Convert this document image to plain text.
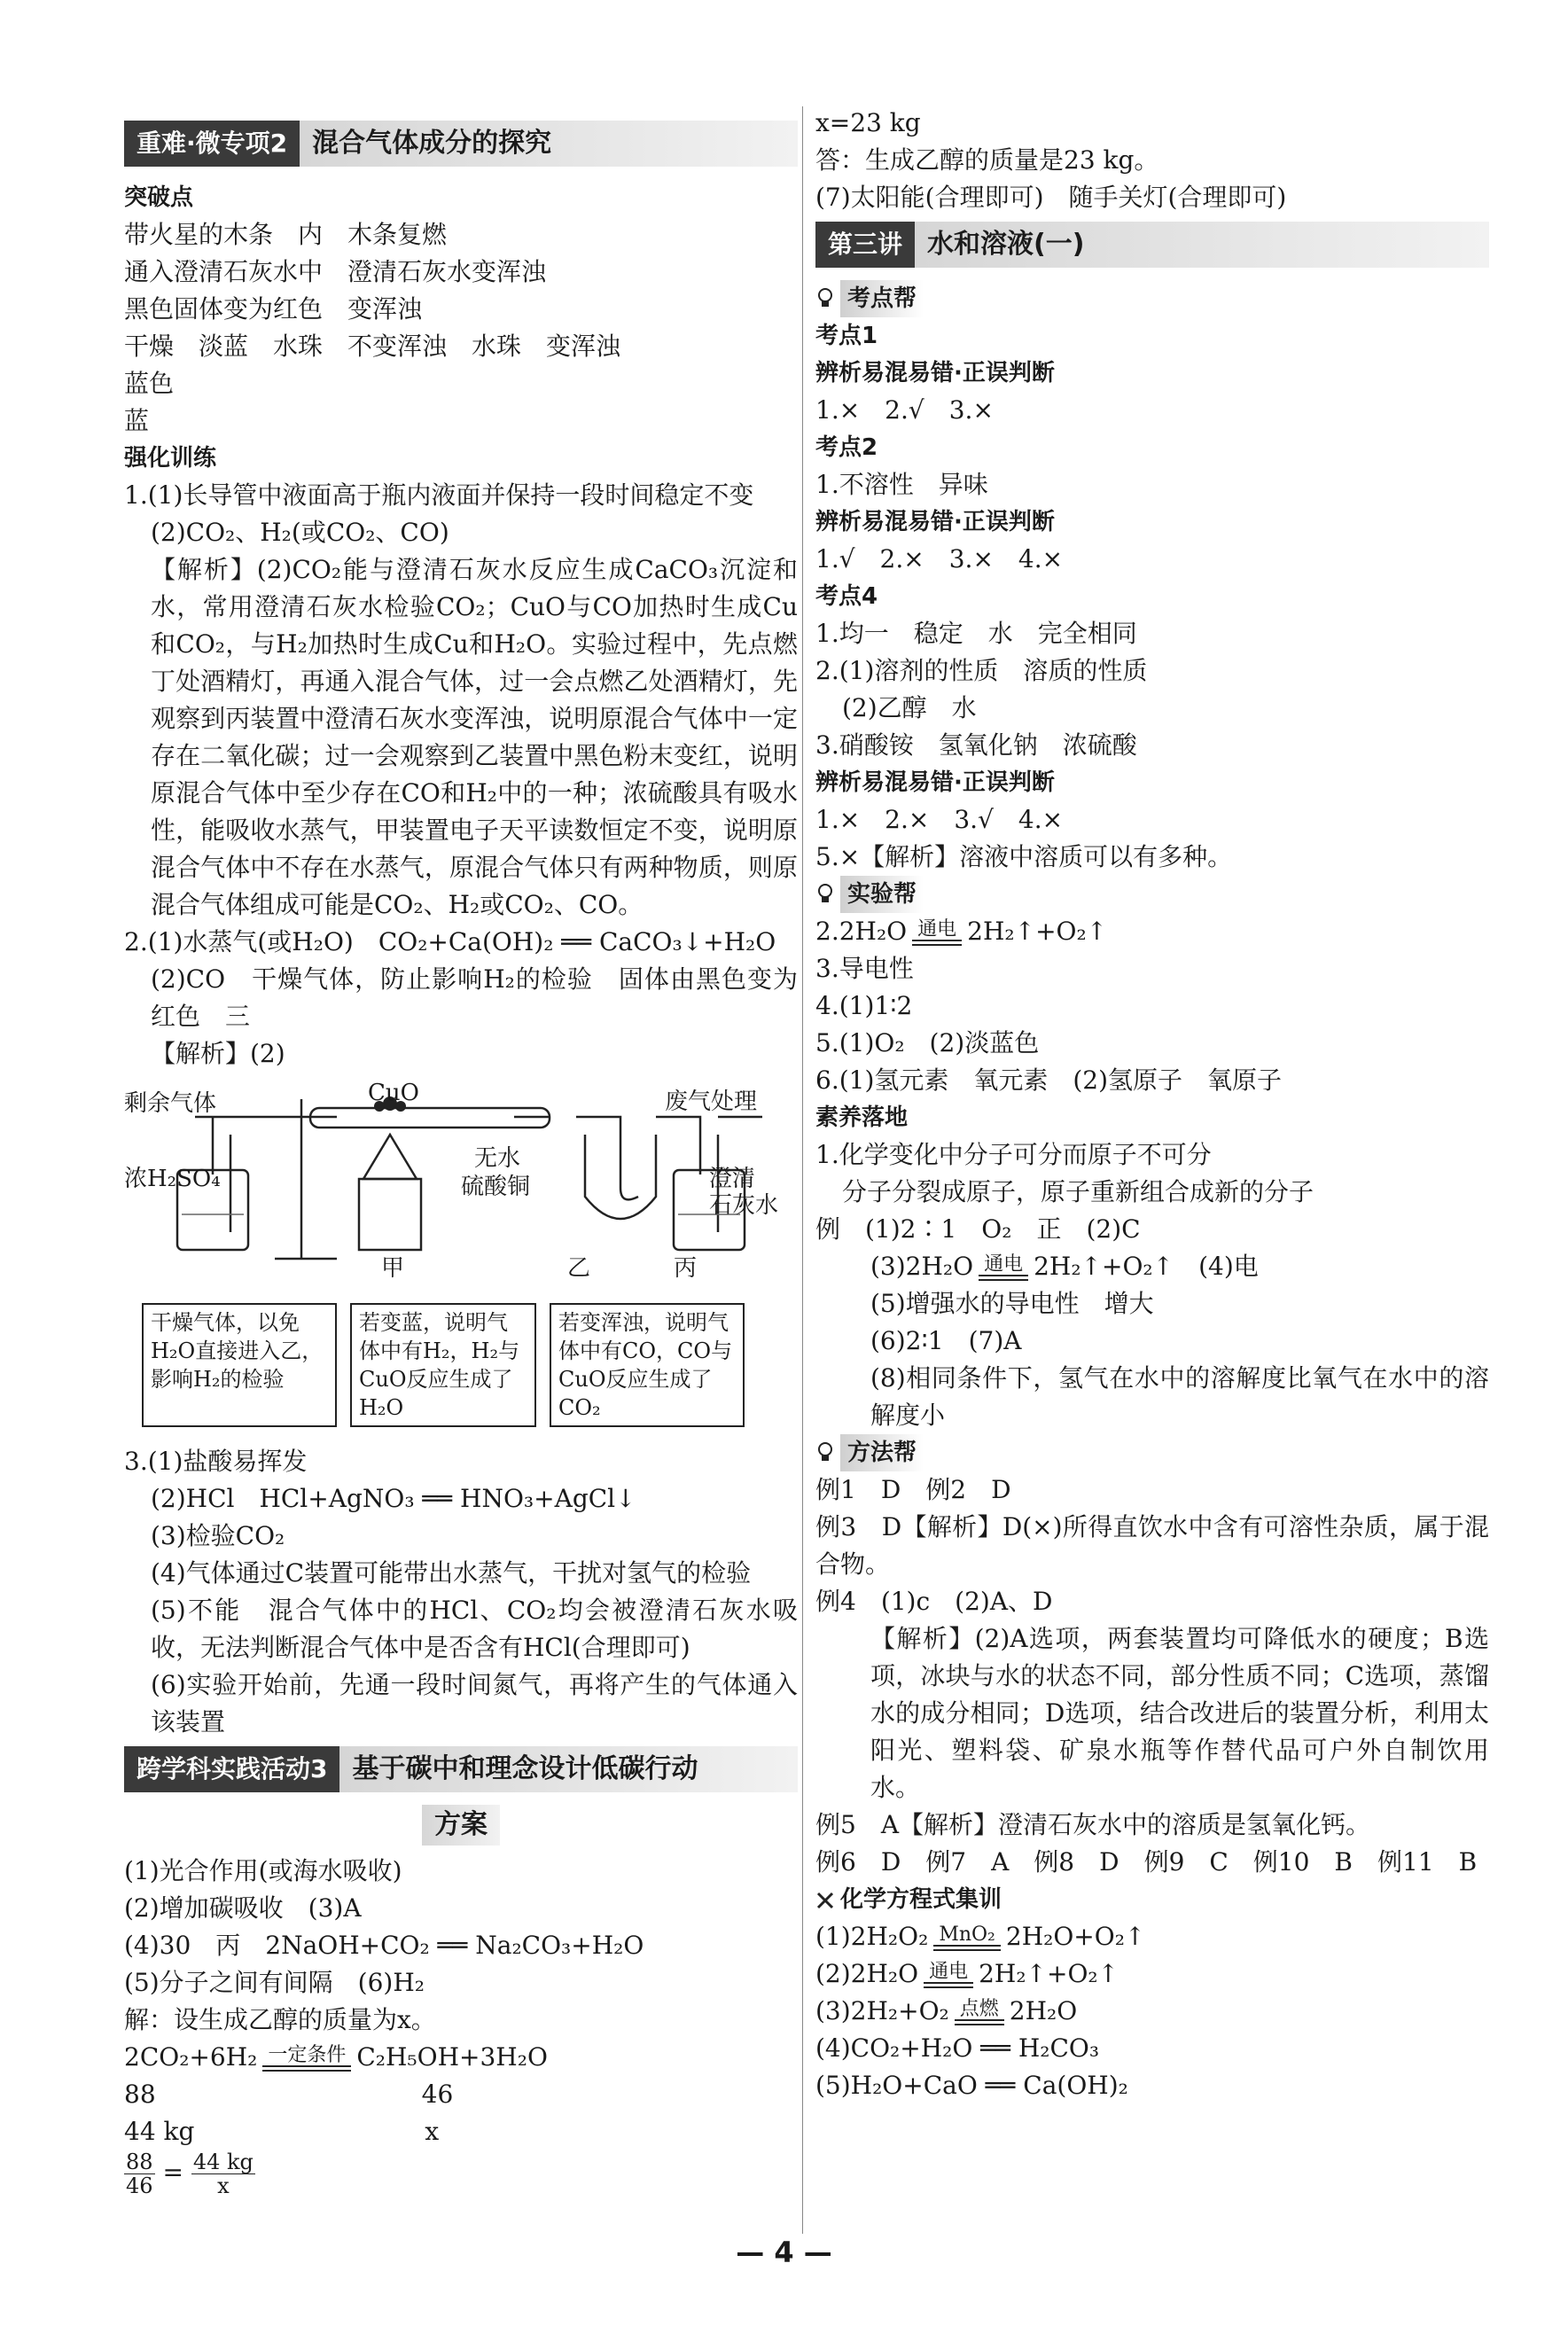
重难·微专项2 混合气体成分的探究
突破点
带火星的木条　内　木条复燃
通入澄清石灰水中　澄清石灰水变浑浊
黑色固体变为红色　变浑浊
干燥　淡蓝　水珠　不变浑浊　水珠　变浑浊
蓝色
蓝
强化训练
1.(1)长导管中液面高于瓶内液面并保持一段时间稳定不变
(2)CO₂、H₂(或CO₂、CO)
【解析】(2)CO₂能与澄清石灰水反应生成CaCO₃沉淀和水，常用澄清石灰水检验CO₂；CuO与CO加热时生成Cu和CO₂，与H₂加热时生成Cu和H₂O。实验过程中，先点燃丁处酒精灯，再通入混合气体，过一会点燃乙处酒精灯，先观察到丙装置中澄清石灰水变浑浊，说明原混合气体中一定存在二氧化碳；过一会观察到乙装置中黑色粉末变红，说明原混合气体中至少存在CO和H₂中的一种；浓硫酸具有吸水性，能吸收水蒸气，甲装置电子天平读数恒定不变，说明原混合气体中不存在水蒸气，原混合气体只有两种物质，则原混合气体组成可能是CO₂、H₂或CO₂、CO。
2.(1)水蒸气(或H₂O)　CO₂+Ca(OH)₂ ══ CaCO₃↓+H₂O
(2)CO　干燥气体，防止影响H₂的检验　固体由黑色变为红色　三
【解析】(2)
剩余气体	CuO	废气处理
浓H₂SO₄
无水
硫酸铜	澄清
石灰水
甲	乙	丙
干燥气体，以免H₂O直接进入乙，影响H₂的检验
若变蓝，说明气体中有H₂，H₂与CuO反应生成了H₂O
若变浑浊，说明气体中有CO，CO与CuO反应生成了CO₂
3.(1)盐酸易挥发
(2)HCl　HCl+AgNO₃ ══ HNO₃+AgCl↓
(3)检验CO₂
(4)气体通过C装置可能带出水蒸气，干扰对氢气的检验
(5)不能　混合气体中的HCl、CO₂均会被澄清石灰水吸收，无法判断混合气体中是否含有HCl(合理即可)
(6)实验开始前，先通一段时间氮气，再将产生的气体通入该装置
跨学科实践活动3 基于碳中和理念设计低碳行动
方案
(1)光合作用(或海水吸收)
(2)增加碳吸收　(3)A
(4)30　丙　2NaOH+CO₂ ══ Na₂CO₃+H₂O
(5)分子之间有间隔　(6)H₂
解：设生成乙醇的质量为x。
2CO₂+6H₂ 一定条件 C₂H₅OH+3H₂O
88	46
44 kg	x
$\frac{88}{46} = \frac{44 kg}{x}$
x=23 kg
答：生成乙醇的质量是23 kg。
(7)太阳能(合理即可)　随手关灯(合理即可)
第三讲 水和溶液(一)
考点帮
考点1
辨析易混易错·正误判断
1.×　2.√　3.×
考点2
1.不溶性　异味
辨析易混易错·正误判断
1.√　2.×　3.×　4.×
考点4
1.均一　稳定　水　完全相同
2.(1)溶剂的性质　溶质的性质
(2)乙醇　水
3.硝酸铵　氢氧化钠　浓硫酸
辨析易混易错·正误判断
1.×　2.×　3.√　4.×
5.×【解析】溶液中溶质可以有多种。
实验帮
2.2H₂O 通电 2H₂↑+O₂↑
3.导电性
4.(1)1∶2
5.(1)O₂　(2)淡蓝色
6.(1)氢元素　氧元素　(2)氢原子　氧原子
素养落地
1.化学变化中分子可分而原子不可分
分子分裂成原子，原子重新组合成新的分子
例　(1)2∶1　O₂　正　(2)C
(3)2H₂O 通电 2H₂↑+O₂↑　(4)电
(5)增强水的导电性　增大
(6)2∶1　(7)A
(8)相同条件下，氢气在水中的溶解度比氧气在水中的溶解度小
方法帮
例1　D　例2　D
例3　D【解析】D(×)所得直饮水中含有可溶性杂质，属于混合物。
例4　(1)c　(2)A、D
【解析】(2)A选项，两套装置均可降低水的硬度；B选项，冰块与水的状态不同，部分性质不同；C选项，蒸馏水的成分相同；D选项，结合改进后的装置分析，利用太阳光、塑料袋、矿泉水瓶等作替代品可户外自制饮用水。
例5　A【解析】澄清石灰水中的溶质是氢氧化钙。
例6　D　例7　A　例8　D　例9　C　例10　B　例11　B
化学方程式集训
(1)2H₂O₂ MnO₂ 2H₂O+O₂↑
(2)2H₂O 通电 2H₂↑+O₂↑
(3)2H₂+O₂ 点燃 2H₂O
(4)CO₂+H₂O ══ H₂CO₃
(5)H₂O+CaO ══ Ca(OH)₂
— 4 —
